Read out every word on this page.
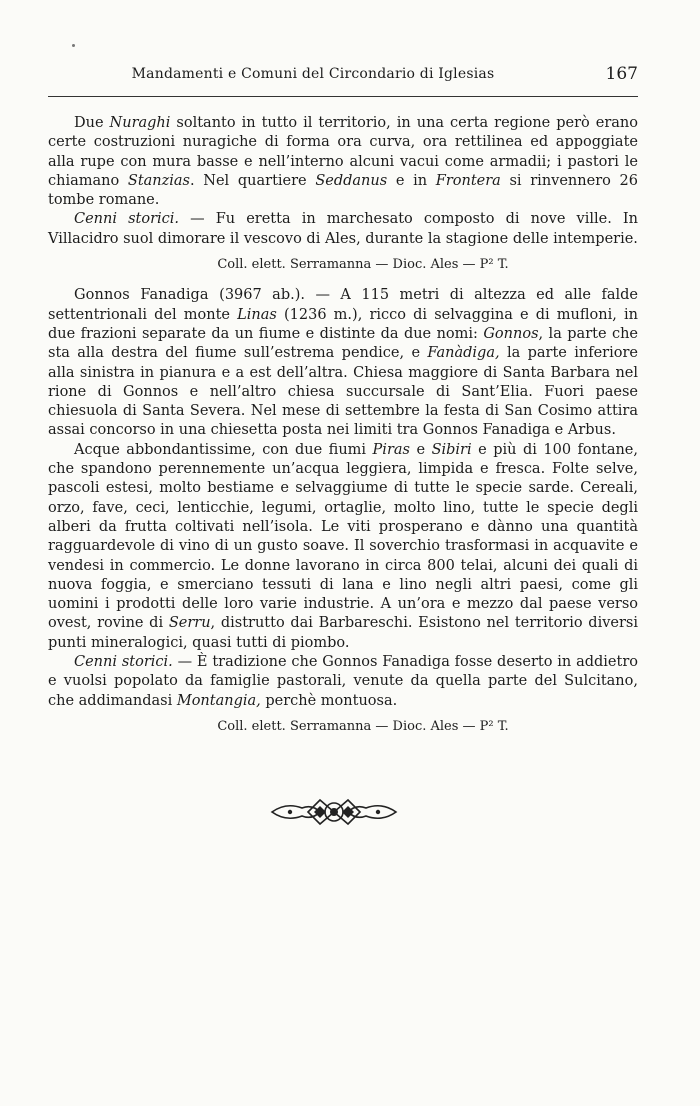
Mandamenti e Comuni del Circondario di Iglesias	167

Due Nuraghi soltanto in tutto il territorio, in una certa regione però erano certe costruzioni nuragiche di forma ora curva, ora rettilinea ed appoggiate alla rupe con mura basse e nell’interno alcuni vacui come armadii; i pastori le chiamano Stanzias. Nel quartiere Seddanus e in Frontera si rinvennero 26 tombe romane.

Cenni storici. — Fu eretta in marchesato composto di nove ville. In Villacidro suol dimorare il vescovo di Ales, durante la stagione delle intemperie.

Coll. elett. Serramanna — Dioc. Ales — P² T.

Gonnos Fanadiga (3967 ab.). — A 115 metri di altezza ed alle falde settentrionali del monte Linas (1236 m.), ricco di selvaggina e di mufloni, in due frazioni separate da un fiume e distinte da due nomi: Gonnos, la parte che sta alla destra del fiume sull’estrema pendice, e Fanàdiga, la parte inferiore alla sinistra in pianura e a est dell’altra. Chiesa maggiore di Santa Barbara nel rione di Gonnos e nell’altro chiesa succursale di Sant’Elia. Fuori paese chiesuola di Santa Severa. Nel mese di settembre la festa di San Cosimo attira assai concorso in una chiesetta posta nei limiti tra Gonnos Fanadiga e Arbus.

Acque abbondantissime, con due fiumi Piras e Sibiri e più di 100 fontane, che spandono perennemente un’acqua leggiera, limpida e fresca. Folte selve, pascoli estesi, molto bestiame e selvaggiume di tutte le specie sarde. Cereali, orzo, fave, ceci, lenticchie, legumi, ortaglie, molto lino, tutte le specie degli alberi da frutta coltivati nell’isola. Le viti prosperano e dànno una quantità ragguardevole di vino di un gusto soave. Il soverchio trasformasi in acquavite e vendesi in commercio. Le donne lavorano in circa 800 telai, alcuni dei quali di nuova foggia, e smerciano tessuti di lana e lino negli altri paesi, come gli uomini i prodotti delle loro varie industrie. A un’ora e mezzo dal paese verso ovest, rovine di Serru, distrutto dai Barbareschi. Esistono nel territorio diversi punti mineralogici, quasi tutti di piombo.

Cenni storici. — È tradizione che Gonnos Fanadiga fosse deserto in addietro e vuolsi popolato da famiglie pastorali, venute da quella parte del Sulcitano, che addimandasi Montangia, perchè montuosa.

Coll. elett. Serramanna — Dioc. Ales — P² T.
